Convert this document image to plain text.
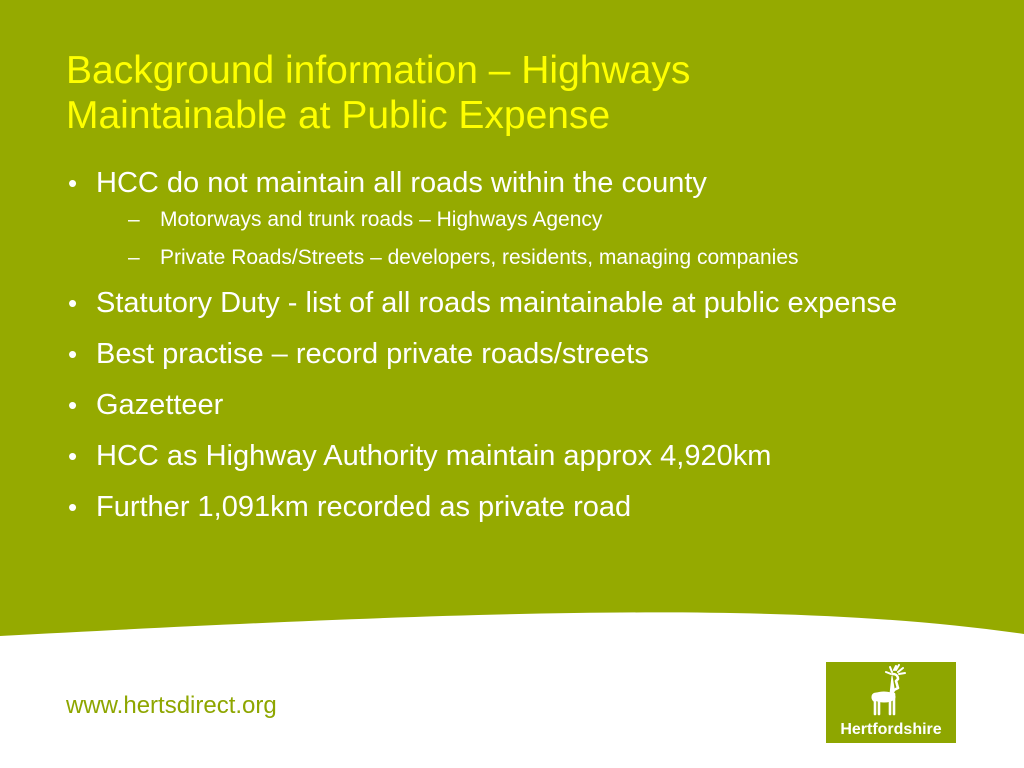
Background information – Highways
Maintainable at Public Expense
• HCC do not maintain all roads within the county
– Motorways and trunk roads – Highways Agency
– Private Roads/Streets – developers, residents, managing companies
• Statutory Duty - list of all roads maintainable at public expense
• Best practise – record private roads/streets
• Gazetteer
• HCC as Highway Authority maintain approx 4,920km
• Further 1,091km recorded as private road
www.hertsdirect.org
Hertfordshire
